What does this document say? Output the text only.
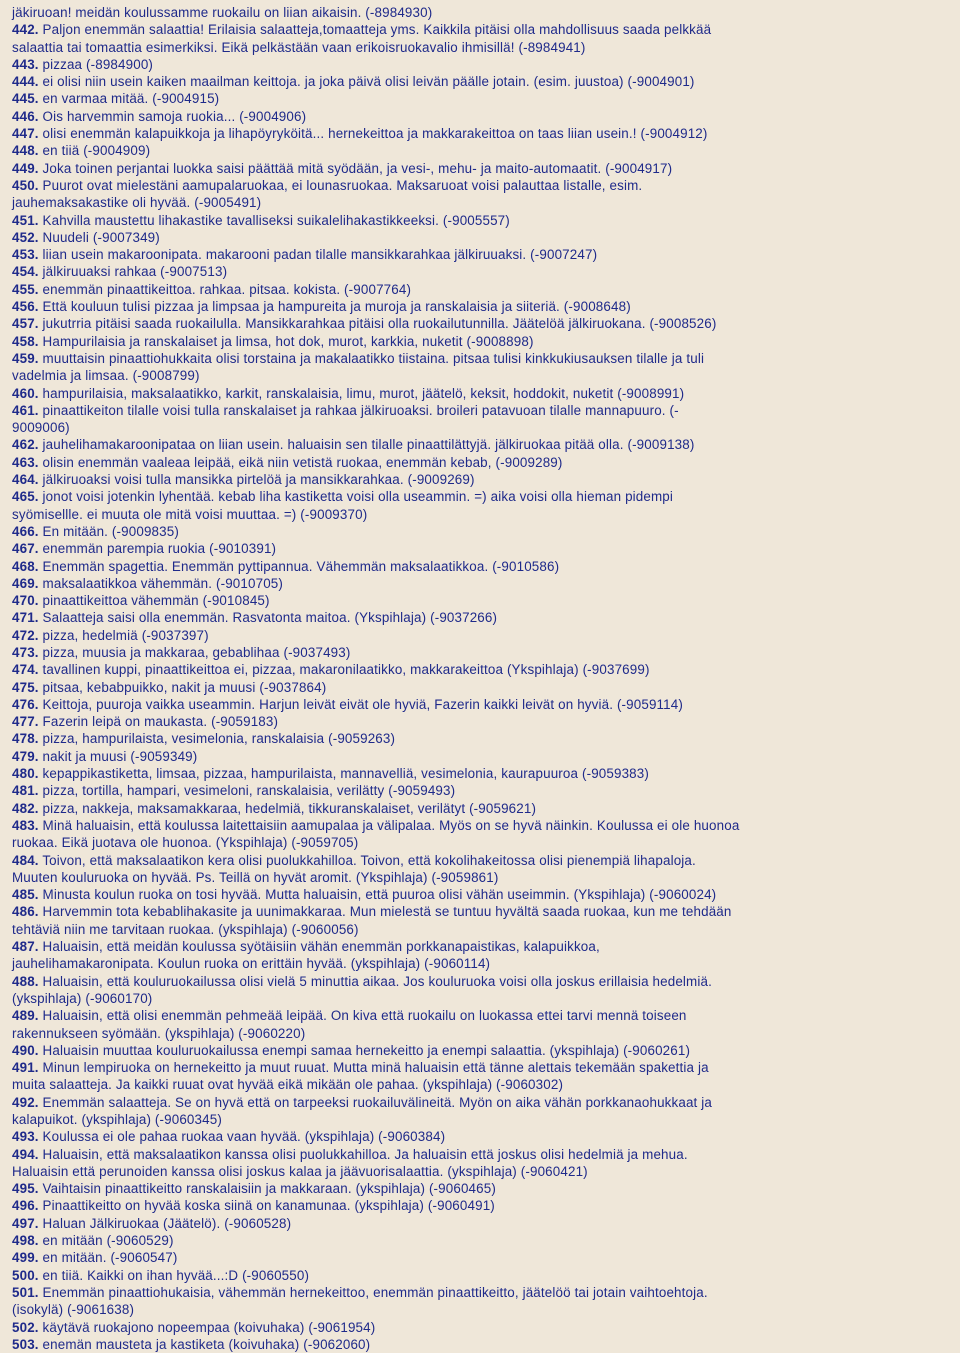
jäkiruoan! meidän koulussamme ruokailu on liian aikaisin. (-8984930)
442. Paljon enemmän salaattia! Erilaisia salaatteja,tomaatteja yms. Kaikkila pitäisi olla mahdollisuus saada pelkkää
salaattia tai tomaattia esimerkiksi. Eikä pelkästään vaan erikoisruokavalio ihmisillä! (-8984941)
443. pizzaa (-8984900)
444. ei olisi niin usein kaiken maailman keittoja. ja joka päivä olisi leivän päälle jotain. (esim. juustoa) (-9004901)
445. en varmaa mitää. (-9004915)
446. Ois harvemmin samoja ruokia... (-9004906)
447. olisi enemmän kalapuikkoja ja lihapöyryköitä... hernekeittoa ja makkarakeittoa on taas liian usein.! (-9004912)
448. en tiiä (-9004909)
449. Joka toinen perjantai luokka saisi päättää mitä syödään, ja vesi-, mehu- ja maito-automaatit. (-9004917)
450. Puurot ovat mielestäni aamupalaruokaa, ei lounasruokaa. Maksaruoat voisi palauttaa listalle, esim.
jauhemaksakastike oli hyvää. (-9005491)
451. Kahvilla maustettu lihakastike tavalliseksi suikalelihakastikkeeksi. (-9005557)
452. Nuudeli (-9007349)
453. liian usein makaroonipata. makarooni padan tilalle mansikkarahkaa jälkiruuaksi. (-9007247)
454. jälkiruuaksi rahkaa (-9007513)
455. enemmän pinaattikeittoa. rahkaa. pitsaa. kokista. (-9007764)
456. Että kouluun tulisi pizzaa ja limpsaa ja hampureita ja muroja ja ranskalaisia ja siiteriä. (-9008648)
457. jukutrria pitäisi saada ruokailulla. Mansikkarahkaa pitäisi olla ruokailutunnilla. Jäätelöä jälkiruokana. (-9008526)
458. Hampurilaisia ja ranskalaiset ja limsa, hot dok, murot, karkkia, nuketit (-9008898)
459. muuttaisin pinaattiohukkaita olisi torstaina ja makalaatikko tiistaina. pitsaa tulisi kinkkukiusauksen tilalle ja tuli
vadelmia ja limsaa. (-9008799)
460. hampurilaisia, maksalaatikko, karkit, ranskalaisia, limu, murot, jäätelö, keksit, hoddokit, nuketit (-9008991)
461. pinaattikeiton tilalle voisi tulla ranskalaiset ja rahkaa jälkiruoaksi. broileri patavuoan tilalle mannapuuro. (-
9009006)
462. jauhelihamakaroonipataa on liian usein. haluaisin sen tilalle pinaattilättyjä. jälkiruokaa pitää olla. (-9009138)
463. olisin enemmän vaaleaa leipää, eikä niin vetistä ruokaa, enemmän kebab, (-9009289)
464. jälkiruoaksi voisi tulla mansikka pirtelöä ja mansikkarahkaa. (-9009269)
465. jonot voisi jotenkin lyhentää. kebab liha kastiketta voisi olla useammin. =) aika voisi olla hieman pidempi
syömisellle. ei muuta ole mitä voisi muuttaa. =) (-9009370)
466. En mitään. (-9009835)
467. enemmän parempia ruokia (-9010391)
468. Enemmän spagettia. Enemmän pyttipannua. Vähemmän maksalaatikkoa. (-9010586)
469. maksalaatikkoa vähemmän. (-9010705)
470. pinaattikeittoa vähemmän (-9010845)
471. Salaatteja saisi olla enemmän. Rasvatonta maitoa. (Ykspihlaja) (-9037266)
472. pizza, hedelmiä (-9037397)
473. pizza, muusia ja makkaraa, gebablihaa (-9037493)
474. tavallinen kuppi, pinaattikeittoa ei, pizzaa, makaronilaatikko, makkarakeittoa (Ykspihlaja) (-9037699)
475. pitsaa, kebabpuikko, nakit ja muusi (-9037864)
476. Keittoja, puuroja vaikka useammin. Harjun leivät eivät ole hyviä, Fazerin kaikki leivät on hyviä. (-9059114)
477. Fazerin leipä on maukasta. (-9059183)
478. pizza, hampurilaista, vesimelonia, ranskalaisia (-9059263)
479. nakit ja muusi (-9059349)
480. kepappikastiketta, limsaa, pizzaa, hampurilaista, mannavelliä, vesimelonia, kaurapuuroa (-9059383)
481. pizza, tortilla, hampari, vesimeloni, ranskalaisia, verilätty (-9059493)
482. pizza, nakkeja, maksamakkaraa, hedelmiä, tikkuranskalaiset, verilätyt (-9059621)
483. Minä haluaisin, että koulussa laitettaisiin aamupalaa ja välipalaa. Myös on se hyvä näinkin. Koulussa ei ole huonoa
ruokaa. Eikä juotava ole huonoa. (Ykspihlaja) (-9059705)
484. Toivon, että maksalaatikon kera olisi puolukkahilloa. Toivon, että kokolihakeitossa olisi pienempiä lihapaloja.
Muuten kouluruoka on hyvää. Ps. Teillä on hyvät aromit. (Ykspihlaja) (-9059861)
485. Minusta koulun ruoka on tosi hyvää. Mutta haluaisin, että puuroa olisi vähän useimmin. (Ykspihlaja) (-9060024)
486. Harvemmin tota kebablihakasite ja uunimakkaraa. Mun mielestä se tuntuu hyvältä saada ruokaa, kun me tehdään
tehtäviä niin me tarvitaan ruokaa. (ykspihlaja) (-9060056)
487. Haluaisin, että meidän koulussa syötäisiin vähän enemmän porkkanapaistikas, kalapuikkoa,
jauhelihamakaronipata. Koulun ruoka on erittäin hyvää. (ykspihlaja) (-9060114)
488. Haluaisin, että kouluruokailussa olisi vielä 5 minuttia aikaa. Jos kouluruoka voisi olla joskus erillaisia hedelmiä.
(ykspihlaja) (-9060170)
489. Haluaisin, että olisi enemmän pehmeää leipää. On kiva että ruokailu on luokassa ettei tarvi mennä toiseen
rakennukseen syömään. (ykspihlaja) (-9060220)
490. Haluaisin muuttaa kouluruokailussa enempi samaa hernekeitto ja enempi salaattia. (ykspihlaja) (-9060261)
491. Minun lempiruoka on hernekeitto ja muut ruuat. Mutta minä haluaisin että tänne alettais tekemään spakettia ja
muita salaatteja. Ja kaikki ruuat ovat hyvää eikä mikään ole pahaa. (ykspihlaja) (-9060302)
492. Enemmän salaatteja. Se on hyvä että on tarpeeksi ruokailuvälineitä. Myön on aika vähän porkkanaohukkaat ja
kalapuikot. (ykspihlaja) (-9060345)
493. Koulussa ei ole pahaa ruokaa vaan hyvää. (ykspihlaja) (-9060384)
494. Haluaisin, että maksalaatikon kanssa olisi puolukkahilloa. Ja haluaisin että joskus olisi hedelmiä ja mehua.
Haluaisin että perunoiden kanssa olisi joskus kalaa ja jäävuorisalaattia. (ykspihlaja) (-9060421)
495. Vaihtaisin pinaattikeitto ranskalaisiin ja makkaraan. (ykspihlaja) (-9060465)
496. Pinaattikeitto on hyvää koska siinä on kanamunaa. (ykspihlaja) (-9060491)
497. Haluan Jälkiruokaa (Jäätelö). (-9060528)
498. en mitään (-9060529)
499. en mitään. (-9060547)
500. en tiiä. Kaikki on ihan hyvää...:D (-9060550)
501. Enemmän pinaattiohukaisia, vähemmän hernekeittoo, enemmän pinaattikeitto, jäätelöö tai jotain vaihtoehtoja.
(isokylä) (-9061638)
502. käytävä ruokajono nopeempaa (koivuhaka) (-9061954)
503. enemän mausteta ja kastiketa (koivuhaka) (-9062060)
